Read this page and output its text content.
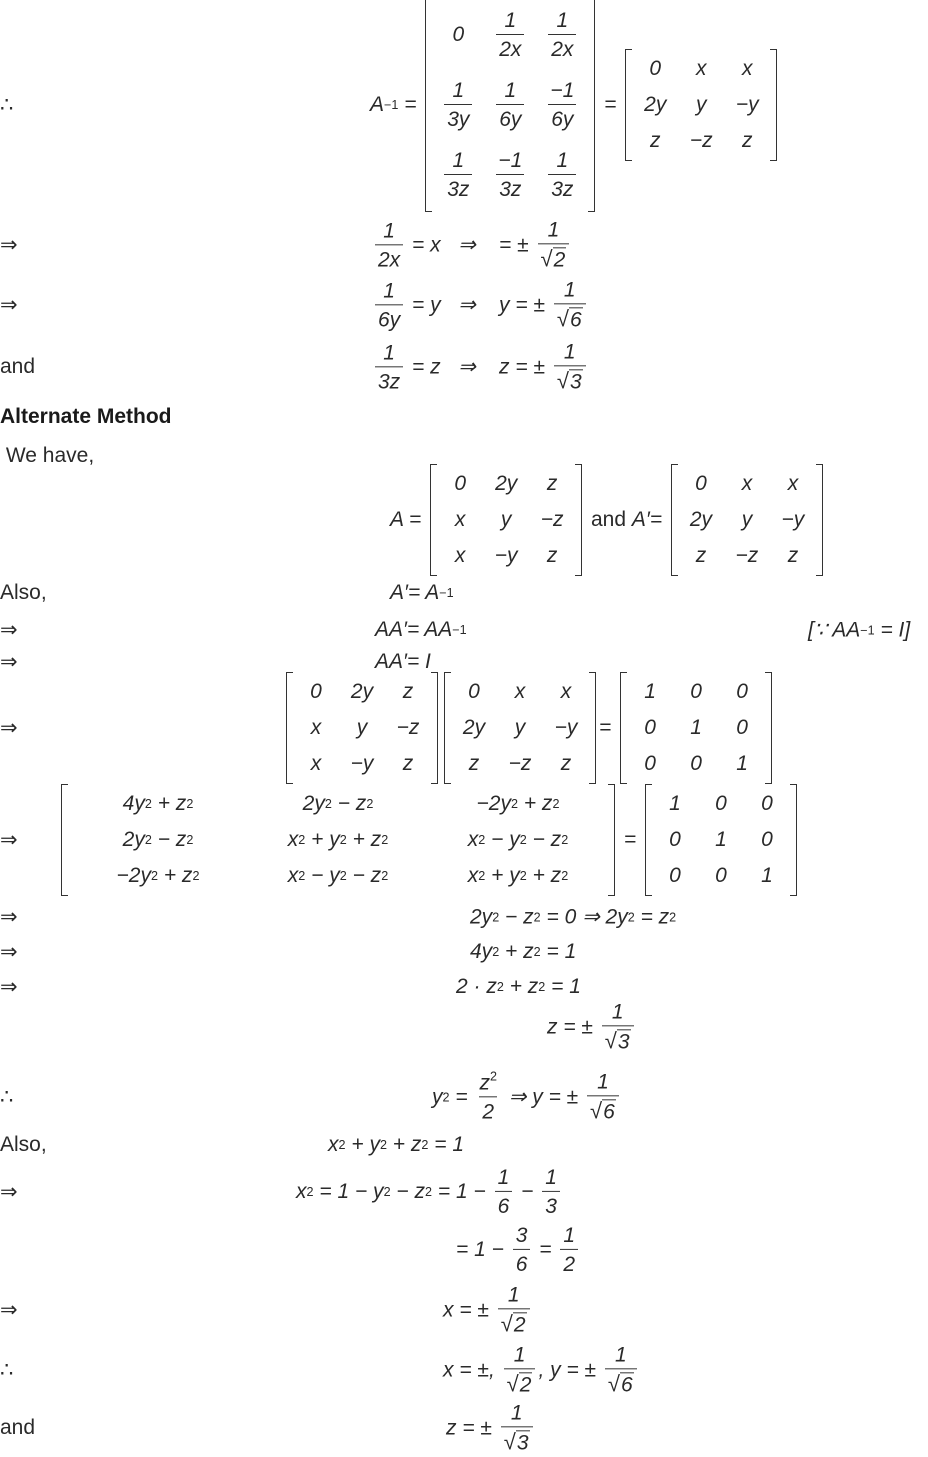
∴	A −1 =
$0 \frac{1}{2x} \frac{1}{2x}$
$\frac{1}{3y} \frac{1}{6y} \frac{-1}{6y}$
$\frac{1}{3z} \frac{-1}{3z} \frac{1}{3z}$
=
0 x x
2y y −y
z −z z
⇒	$\frac{1}{2x} = x$   ⇒    = ± $\frac{1}{√ 2}$
⇒	$\frac{1}{6y} = y$   ⇒    y = ± $\frac{1}{√ 6}$
and	$\frac{1}{3z} = z$   ⇒    z = ± $\frac{1}{√ 3}$
Alternate Method
We have,
A =
0 2y z
x y −z
x −y z
and A′=
0 x x
2y y −y
z −z z
Also,	A′= A −1
⇒	AA′= AA −1	[∵ AA −1 = I]
⇒	AA′= I
⇒
0 2y z
x y −z
x −y z
0 x x
2y y −y
z −z z
=
1 0 0
0 1 0
0 0 1
⇒
4y 2 + z 2	2y 2 − z 2	−2y 2 + z 2
2y 2 − z 2	x 2 + y 2 + z 2	x 2 − y 2 − z 2
−2y 2 + z 2	x 2 − y 2 − z 2	x 2 + y 2 + z 2
=
1 0 0
0 1 0
0 0 1
⇒	2y 2 − z 2 = 0 ⇒ 2y 2 = z 2
⇒	4y 2 + z 2 = 1
⇒	2 · z 2 + z 2 = 1
z = ± $\frac{1}{√ 3}$
∴	y $2 = \frac{z^2}{2}$ ⇒ y = ± $\frac{1}{√ 6}$
Also,	x 2 + y 2 + z 2 = 1
⇒	x 2 = 1 − y 2 − z $2 = 1 - \frac{1}{6} - \frac{1}{3}$
= $1 - \frac{3}{6} = \frac{1}{2}$
⇒	x = ± $\frac{1}{√ 2}$
∴	x = ±, $\frac{1}{√ 2}$ , y = ± $\frac{1}{√ 6}$
and	z = ± $\frac{1}{√ 3}$
